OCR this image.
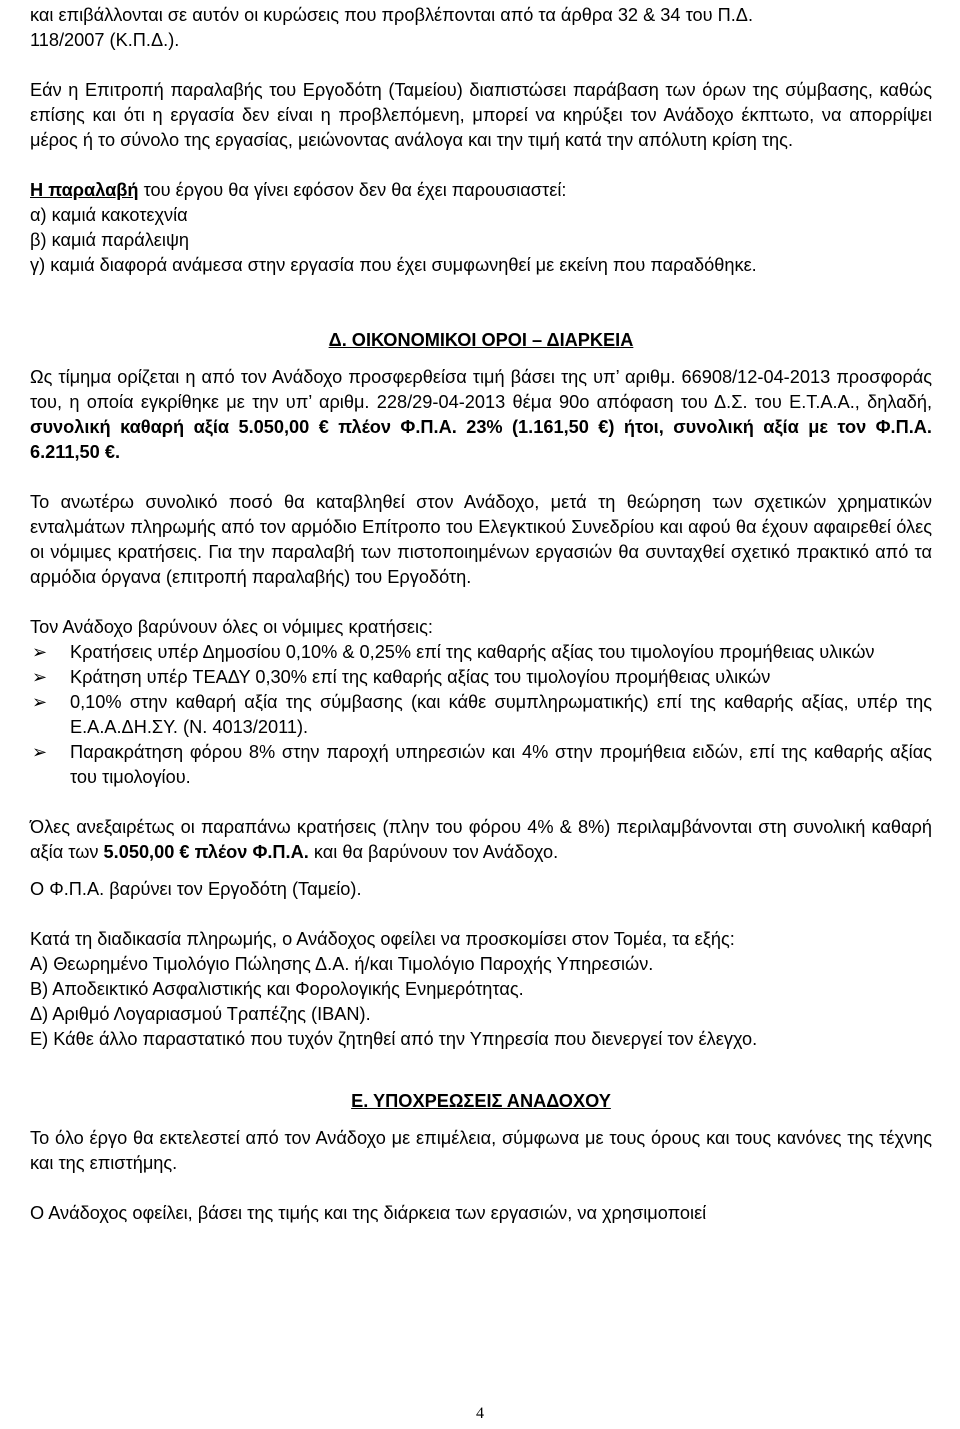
και επιβάλλονται σε αυτόν οι κυρώσεις που προβλέπονται από τα άρθρα 32 & 34 του Π.Δ.

118/2007 (Κ.Π.Δ.).

Εάν η Επιτροπή παραλαβής του Εργοδότη (Ταμείου) διαπιστώσει παράβαση των όρων της σύμβασης, καθώς επίσης και ότι η εργασία δεν είναι η προβλεπόμενη, μπορεί να κηρύξει τον Ανάδοχο έκπτωτο, να απορρίψει μέρος ή το σύνολο της εργασίας, μειώνοντας ανάλογα και την τιμή κατά την απόλυτη κρίση της.

Η παραλαβή του έργου θα γίνει εφόσον δεν θα έχει παρουσιαστεί:

α) καμιά κακοτεχνία

β) καμιά παράλειψη

γ) καμιά διαφορά ανάμεσα στην εργασία που έχει συμφωνηθεί με εκείνη που παραδόθηκε.

Δ. ΟΙΚΟΝΟΜΙΚΟΙ ΟΡΟΙ – ΔΙΑΡΚΕΙΑ

Ως τίμημα ορίζεται η από τον Ανάδοχο προσφερθείσα τιμή βάσει της υπ’ αριθμ. 66908/12-04-2013 προσφοράς του, η οποία εγκρίθηκε με την υπ’ αριθμ. 228/29-04-2013 θέμα 90ο απόφαση του Δ.Σ. του Ε.Τ.Α.Α., δηλαδή, συνολική καθαρή αξία 5.050,00 € πλέον Φ.Π.Α. 23% (1.161,50 €) ήτοι, συνολική αξία με τον Φ.Π.Α. 6.211,50 €.

Το ανωτέρω συνολικό ποσό θα καταβληθεί στον Ανάδοχο, μετά τη θεώρηση των σχετικών χρηματικών ενταλμάτων πληρωμής από τον αρμόδιο Επίτροπο του Ελεγκτικού Συνεδρίου και αφού θα έχουν αφαιρεθεί όλες οι νόμιμες κρατήσεις. Για την παραλαβή των πιστοποιημένων εργασιών θα συνταχθεί σχετικό πρακτικό από τα αρμόδια όργανα (επιτροπή παραλαβής) του Εργοδότη.

Τον Ανάδοχο βαρύνουν όλες οι νόμιμες κρατήσεις:

➢	Κρατήσεις υπέρ Δημοσίου 0,10% & 0,25% επί της καθαρής αξίας του τιμολογίου προμήθειας υλικών
➢	Κράτηση υπέρ ΤΕΑΔΥ 0,30% επί της καθαρής αξίας του τιμολογίου προμήθειας υλικών
➢	0,10% στην καθαρή αξία της σύμβασης (και κάθε συμπληρωματικής) επί της καθαρής αξίας, υπέρ της Ε.Α.Α.ΔΗ.ΣΥ. (Ν. 4013/2011).
➢	Παρακράτηση φόρου 8% στην παροχή υπηρεσιών και 4% στην προμήθεια ειδών, επί της καθαρής αξίας του τιμολογίου.

Όλες ανεξαιρέτως οι παραπάνω κρατήσεις (πλην του φόρου 4% & 8%) περιλαμβάνονται στη συνολική καθαρή αξία των 5.050,00 € πλέον Φ.Π.Α. και θα βαρύνουν τον Ανάδοχο.

Ο Φ.Π.Α. βαρύνει τον Εργοδότη (Ταμείο).

Κατά τη διαδικασία πληρωμής, ο Ανάδοχος οφείλει να προσκομίσει στον Τομέα, τα εξής:

Α) Θεωρημένο Τιμολόγιο Πώλησης Δ.Α. ή/και Τιμολόγιο Παροχής Υπηρεσιών.

Β) Αποδεικτικό Ασφαλιστικής και Φορολογικής Ενημερότητας.

Δ) Αριθμό Λογαριασμού Τραπέζης (ΙΒΑΝ).

Ε) Κάθε άλλο παραστατικό που τυχόν ζητηθεί από την Υπηρεσία που διενεργεί τον έλεγχο.

Ε. ΥΠΟΧΡΕΩΣΕΙΣ ΑΝΑΔΟΧΟΥ

Το όλο έργο θα εκτελεστεί από τον Ανάδοχο με επιμέλεια, σύμφωνα με τους όρους και τους κανόνες της τέχνης και της επιστήμης.

Ο Ανάδοχος οφείλει, βάσει της τιμής και της διάρκεια των εργασιών, να χρησιμοποιεί

4
